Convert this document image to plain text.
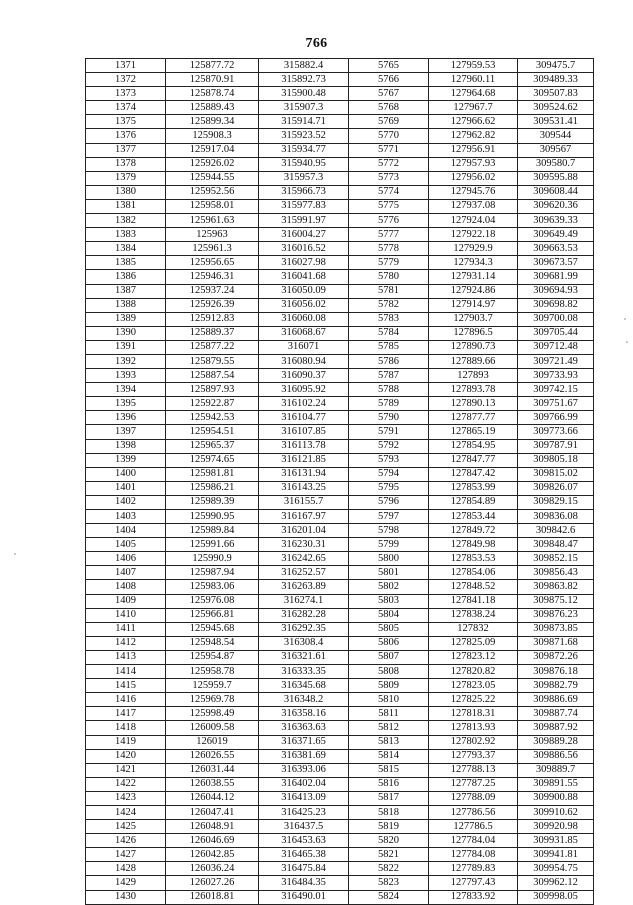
766
1371	125877.72	315882.4	5765	127959.53	309475.7
1372	125870.91	315892.73	5766	127960.11	309489.33
1373	125878.74	315900.48	5767	127964.68	309507.83
1374	125889.43	315907.3	5768	127967.7	309524.62
1375	125899.34	315914.71	5769	127966.62	309531.41
1376	125908.3	315923.52	5770	127962.82	309544
1377	125917.04	315934.77	5771	127956.91	309567
1378	125926.02	315940.95	5772	127957.93	309580.7
1379	125944.55	315957.3	5773	127956.02	309595.88
1380	125952.56	315966.73	5774	127945.76	309608.44
1381	125958.01	315977.83	5775	127937.08	309620.36
1382	125961.63	315991.97	5776	127924.04	309639.33
1383	125963	316004.27	5777	127922.18	309649.49
1384	125961.3	316016.52	5778	127929.9	309663.53
1385	125956.65	316027.98	5779	127934.3	309673.57
1386	125946.31	316041.68	5780	127931.14	309681.99
1387	125937.24	316050.09	5781	127924.86	309694.93
1388	125926.39	316056.02	5782	127914.97	309698.82
1389	125912.83	316060.08	5783	127903.7	309700.08
1390	125889.37	316068.67	5784	127896.5	309705.44
1391	125877.22	316071	5785	127890.73	309712.48
1392	125879.55	316080.94	5786	127889.66	309721.49
1393	125887.54	316090.37	5787	127893	309733.93
1394	125897.93	316095.92	5788	127893.78	309742.15
1395	125922.87	316102.24	5789	127890.13	309751.67
1396	125942.53	316104.77	5790	127877.77	309766.99
1397	125954.51	316107.85	5791	127865.19	309773.66
1398	125965.37	316113.78	5792	127854.95	309787.91
1399	125974.65	316121.85	5793	127847.77	309805.18
1400	125981.81	316131.94	5794	127847.42	309815.02
1401	125986.21	316143.25	5795	127853.99	309826.07
1402	125989.39	316155.7	5796	127854.89	309829.15
1403	125990.95	316167.97	5797	127853.44	309836.08
1404	125989.84	316201.04	5798	127849.72	309842.6
1405	125991.66	316230.31	5799	127849.98	309848.47
1406	125990.9	316242.65	5800	127853.53	309852.15
1407	125987.94	316252.57	5801	127854.06	309856.43
1408	125983.06	316263.89	5802	127848.52	309863.82
1409	125976.08	316274.1	5803	127841.18	309875.12
1410	125966.81	316282.28	5804	127838.24	309876.23
1411	125945.68	316292.35	5805	127832	309873.85
1412	125948.54	316308.4	5806	127825.09	309871.68
1413	125954.87	316321.61	5807	127823.12	309872.26
1414	125958.78	316333.35	5808	127820.82	309876.18
1415	125959.7	316345.68	5809	127823.05	309882.79
1416	125969.78	316348.2	5810	127825.22	309886.69
1417	125998.49	316358.16	5811	127818.31	309887.74
1418	126009.58	316363.63	5812	127813.93	309887.92
1419	126019	316371.65	5813	127802.92	309889.28
1420	126026.55	316381.69	5814	127793.37	309886.56
1421	126031.44	316393.06	5815	127788.13	309889.7
1422	126038.55	316402.04	5816	127787.25	309891.55
1423	126044.12	316413.09	5817	127788.09	309900.88
1424	126047.41	316425.23	5818	127786.56	309910.62
1425	126048.91	316437.5	5819	127786.5	309920.98
1426	126046.69	316453.63	5820	127784.04	309931.85
1427	126042.85	316465.38	5821	127784.08	309941.81
1428	126036.24	316475.84	5822	127789.83	309954.75
1429	126027.26	316484.35	5823	127797.43	309962.12
1430	126018.81	316490.01	5824	127833.92	309998.05
